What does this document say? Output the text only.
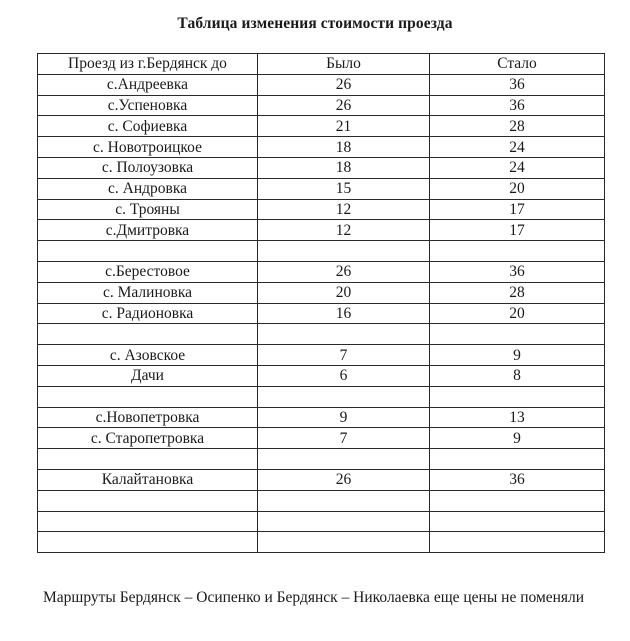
Таблица изменения стоимости проезда
Проезд из г.Бердянск до	Было	Стало
с.Андреевка	26	36
с.Успеновка	26	36
с. Софиевка	21	28
с. Новотроицкое	18	24
с. Полоузовка	18	24
с. Андровка	15	20
с. Трояны	12	17
с.Дмитровка	12	17

с.Берестовое	26	36
с. Малиновка	20	28
с. Радионовка	16	20

с. Азовское	7	9
Дачи	6	8

с.Новопетровка	9	13
с. Старопетровка	7	9

Калайтановка	26	36

Маршруты Бердянск – Осипенко и Бердянск – Николаевка еще цены не поменяли
